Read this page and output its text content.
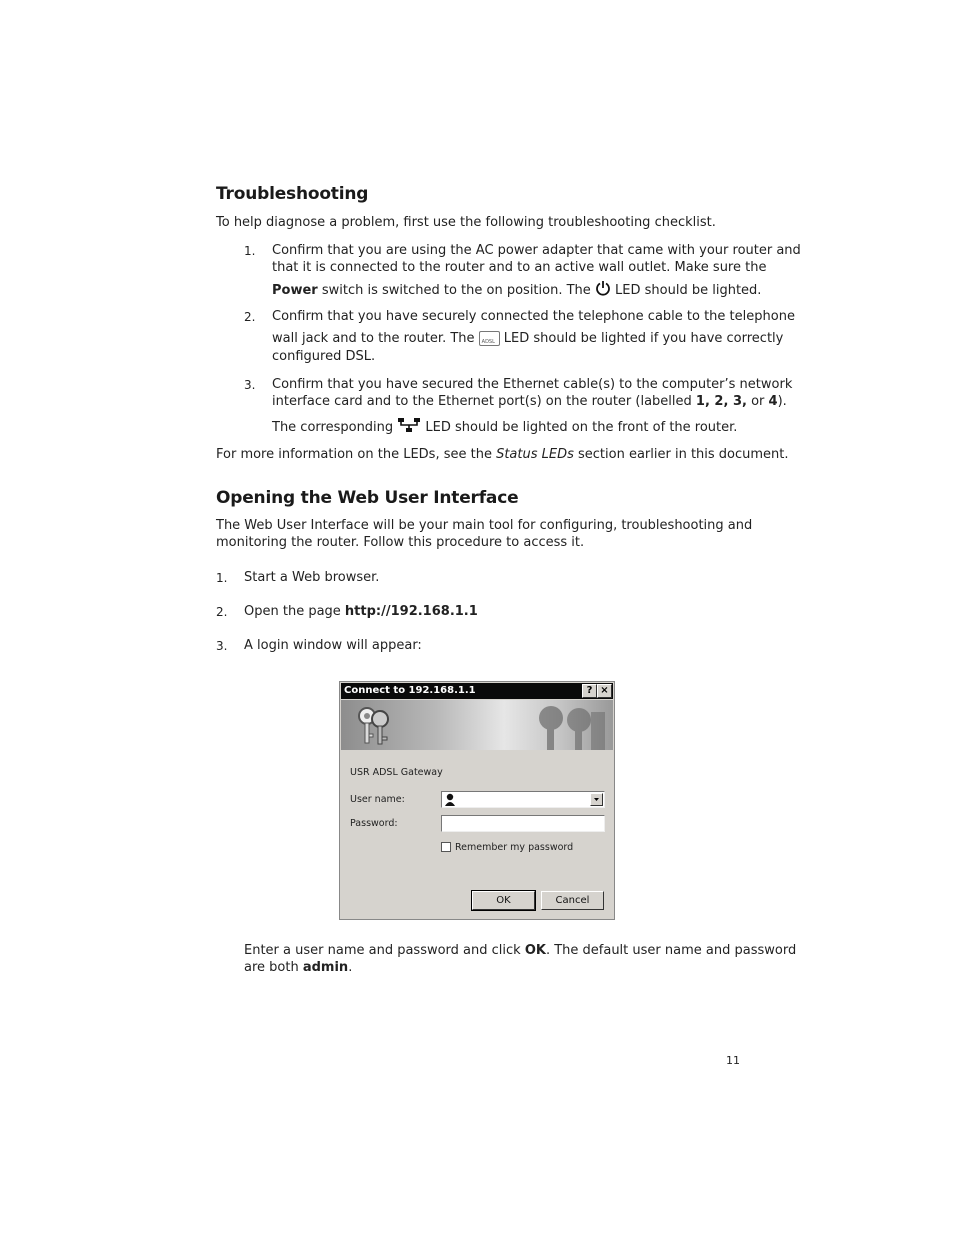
Troubleshooting

To help diagnose a problem, first use the following troubleshooting checklist.

1. Confirm that you are using the AC power adapter that came with your router and

that it is connected to the router and to an active wall outlet. Make sure the

Power switch is switched to the on position. The  LED should be lighted.

2. Confirm that you have securely connected the telephone cable to the telephone

wall jack and to the router. The ADSL LED should be lighted if you have correctly

configured DSL.

3. Confirm that you have secured the Ethernet cable(s) to the computer’s network

interface card and to the Ethernet port(s) on the router (labelled 1, 2, 3, or 4).

The corresponding  LED should be lighted on the front of the router.

For more information on the LEDs, see the Status LEDs section earlier in this document.

Opening the Web User Interface

The Web User Interface will be your main tool for configuring, troubleshooting and

monitoring the router. Follow this procedure to access it.

1. Start a Web browser.

2. Open the page http://192.168.1.1

3. A login window will appear:

Connect to 192.168.1.1	? ×
USR ADSL Gateway
User name:
Password:
Remember my password
OK	Cancel

Enter a user name and password and click OK. The default user name and password

are both admin.

11
